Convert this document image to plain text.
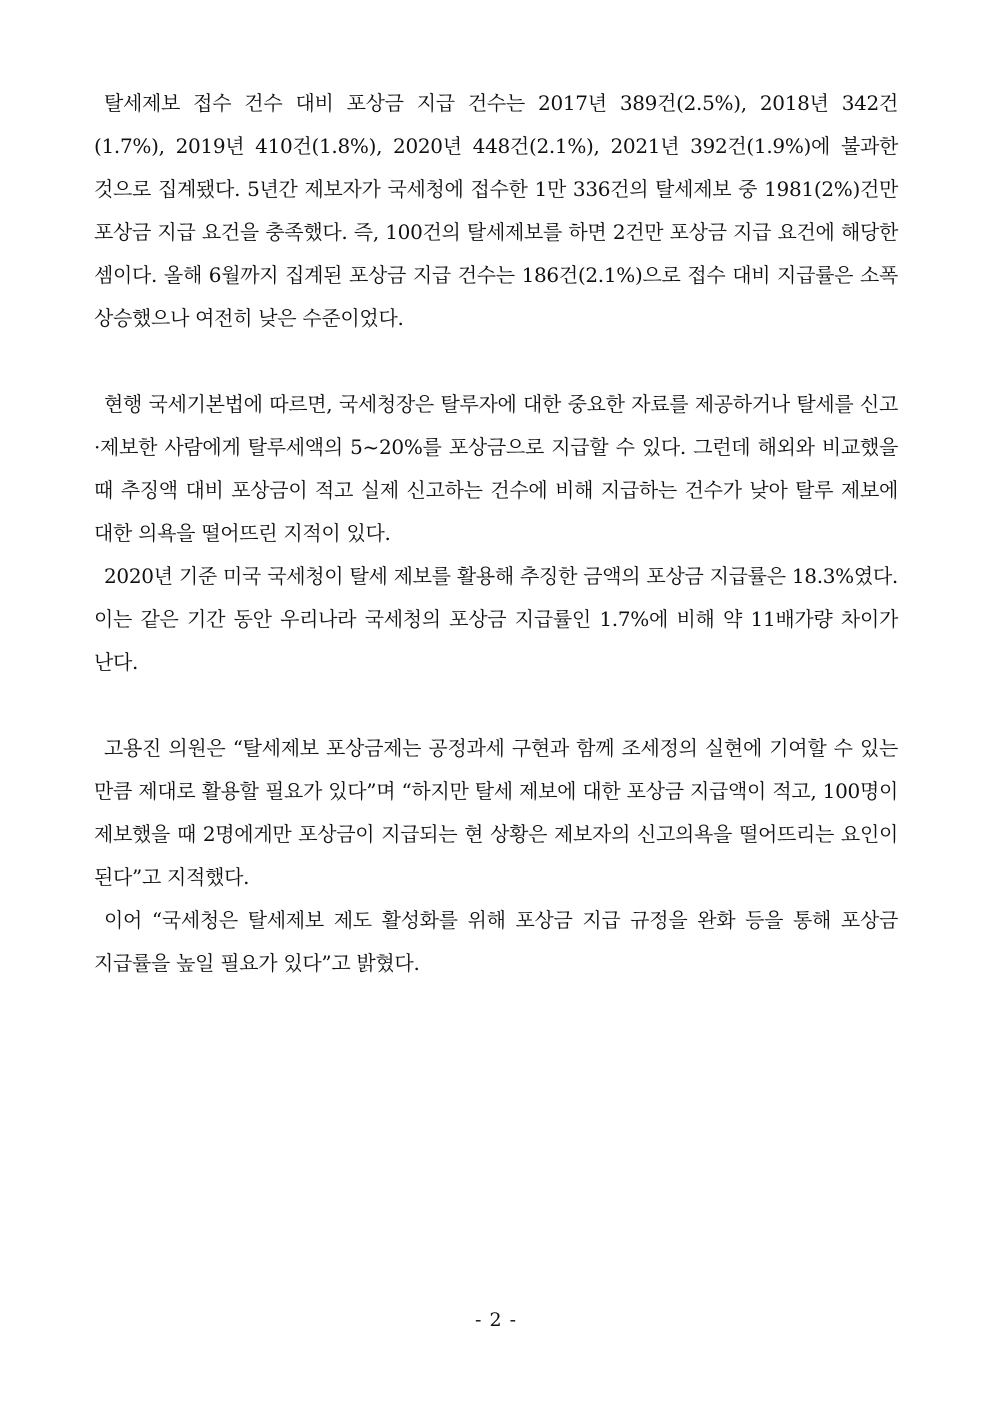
탈세제보 접수 건수 대비 포상금 지급 건수는 2017년 389건(2.5%), 2018년 342건(1.7%), 2019년 410건(1.8%), 2020년 448건(2.1%), 2021년 392건(1.9%)에 불과한 것으로 집계됐다. 5년간 제보자가 국세청에 접수한 1만 336건의 탈세제보 중 1981(2%)건만 포상금 지급 요건을 충족했다. 즉, 100건의 탈세제보를 하면 2건만 포상금 지급 요건에 해당한 셈이다. 올해 6월까지 집계된 포상금 지급 건수는 186건(2.1%)으로 접수 대비 지급률은 소폭 상승했으나 여전히 낮은 수준이었다.

현행 국세기본법에 따르면, 국세청장은 탈루자에 대한 중요한 자료를 제공하거나 탈세를 신고·제보한 사람에게 탈루세액의 5~20%를 포상금으로 지급할 수 있다. 그런데 해외와 비교했을 때 추징액 대비 포상금이 적고 실제 신고하는 건수에 비해 지급하는 건수가 낮아 탈루 제보에 대한 의욕을 떨어뜨린 지적이 있다.

2020년 기준 미국 국세청이 탈세 제보를 활용해 추징한 금액의 포상금 지급률은 18.3%였다. 이는 같은 기간 동안 우리나라 국세청의 포상금 지급률인 1.7%에 비해 약 11배가량 차이가 난다.

고용진 의원은 “탈세제보 포상금제는 공정과세 구현과 함께 조세정의 실현에 기여할 수 있는 만큼 제대로 활용할 필요가 있다”며 “하지만 탈세 제보에 대한 포상금 지급액이 적고, 100명이 제보했을 때 2명에게만 포상금이 지급되는 현 상황은 제보자의 신고의욕을 떨어뜨리는 요인이 된다”고 지적했다.

이어 “국세청은 탈세제보 제도 활성화를 위해 포상금 지급 규정을 완화 등을 통해 포상금 지급률을 높일 필요가 있다”고 밝혔다.

- 2 -
